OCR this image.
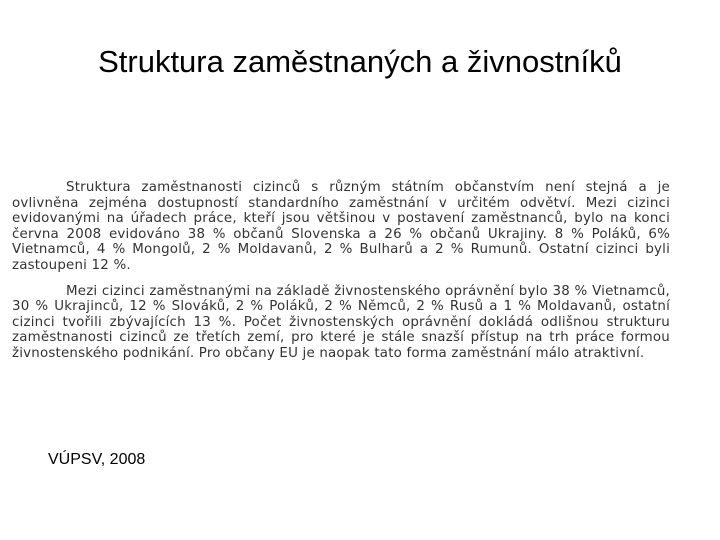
Struktura zaměstnaných a živnostníků

Struktura zaměstnanosti cizinců s různým státním občanstvím není stejná a je ovlivněna zejména dostupností standardního zaměstnání v určitém odvětví. Mezi cizinci evidovanými na úřadech práce, kteří jsou většinou v postavení zaměstnanců, bylo na konci června 2008 evidováno 38 % občanů Slovenska a 26 % občanů Ukrajiny. 8 % Poláků, 6% Vietnamců, 4 % Mongolů, 2 % Moldavanů, 2 % Bulharů a 2 % Rumunů. Ostatní cizinci byli zastoupeni 12 %.

Mezi cizinci zaměstnanými na základě živnostenského oprávnění bylo 38 % Vietnamců, 30 % Ukrajinců, 12 % Slováků, 2 % Poláků, 2 % Němců, 2 % Rusů a 1 % Moldavanů, ostatní cizinci tvořili zbývajících 13 %. Počet živnostenských oprávnění dokládá odlišnou strukturu zaměstnanosti cizinců ze třetích zemí, pro které je stále snazší přístup na trh práce formou živnostenského podnikání. Pro občany EU je naopak tato forma zaměstnání málo atraktivní.

VÚPSV, 2008
